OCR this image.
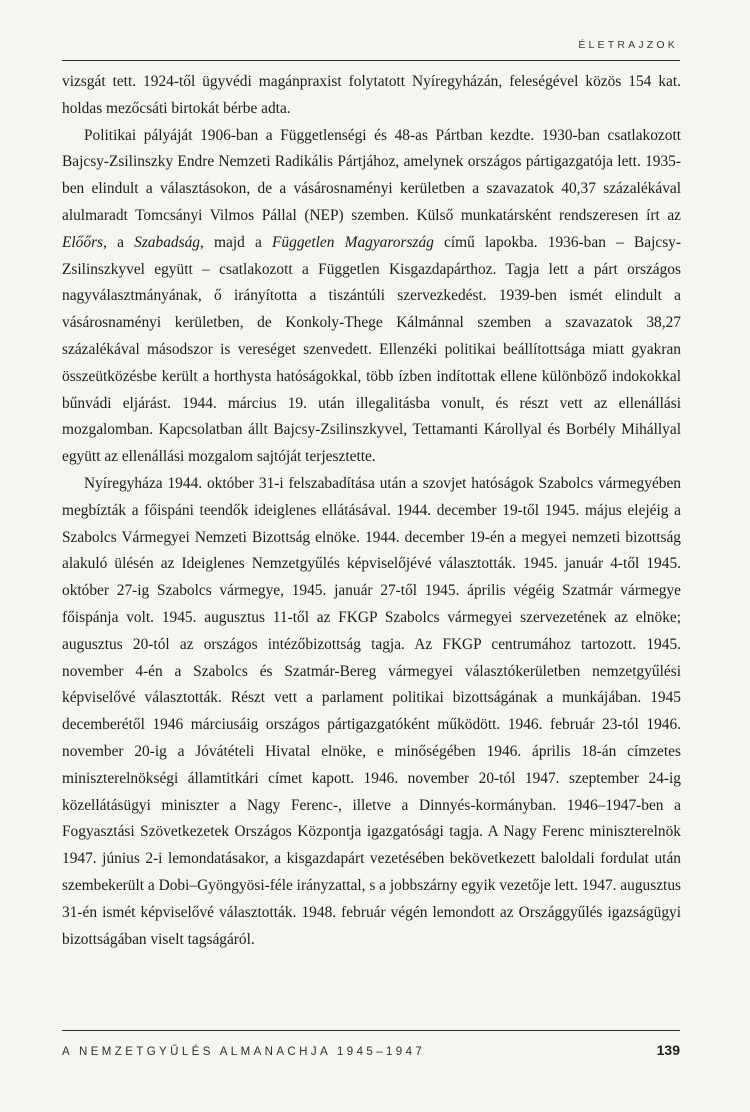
ÉLETRAJZOK

vizsgát tett. 1924-től ügyvédi magánpraxist folytatott Nyíregyházán, feleségével közös 154 kat. holdas mezőcsáti birtokát bérbe adta.

Politikai pályáját 1906-ban a Függetlenségi és 48-as Pártban kezdte. 1930-ban csatlakozott Bajcsy-Zsilinszky Endre Nemzeti Radikális Pártjához, amelynek országos pártigazgatója lett. 1935-ben elindult a választásokon, de a vásárosnaményi kerületben a szavazatok 40,37 százalékával alulmaradt Tomcsányi Vilmos Pállal (NEP) szemben. Külső munkatársként rendszeresen írt az Előőrs, a Szabadság, majd a Független Magyarország című lapokba. 1936-ban – Bajcsy-Zsilinszkyvel együtt – csatlakozott a Független Kisgazdapárthoz. Tagja lett a párt országos nagyválasztmányának, ő irányította a tiszántúli szervezkedést. 1939-ben ismét elindult a vásárosnaményi kerületben, de Konkoly-Thege Kálmánnal szemben a szavazatok 38,27 százalékával másodszor is vereséget szenvedett. Ellenzéki politikai beállítottsága miatt gyakran összeütközésbe került a horthysta hatóságokkal, több ízben indítottak ellene különböző indokokkal bűnvádi eljárást. 1944. március 19. után illegalitásba vonult, és részt vett az ellenállási mozgalomban. Kapcsolatban állt Bajcsy-Zsilinszkyvel, Tettamanti Károllyal és Borbély Mihállyal együtt az ellenállási mozgalom sajtóját terjesztette.

Nyíregyháza 1944. október 31-i felszabadítása után a szovjet hatóságok Szabolcs vármegyében megbízták a főispáni teendők ideiglenes ellátásával. 1944. december 19-től 1945. május elejéig a Szabolcs Vármegyei Nemzeti Bizottság elnöke. 1944. december 19-én a megyei nemzeti bizottság alakuló ülésén az Ideiglenes Nemzetgyűlés képviselőjévé választották. 1945. január 4-től 1945. október 27-ig Szabolcs vármegye, 1945. január 27-től 1945. április végéig Szatmár vármegye főispánja volt. 1945. augusztus 11-től az FKGP Szabolcs vármegyei szervezetének az elnöke; augusztus 20-tól az országos intézőbizottság tagja. Az FKGP centrumához tartozott. 1945. november 4-én a Szabolcs és Szatmár-Bereg vármegyei választókerületben nemzetgyűlési képviselővé választották. Részt vett a parlament politikai bizottságának a munkájában. 1945 decemberétől 1946 márciusáig országos pártigazgatóként működött. 1946. február 23-tól 1946. november 20-ig a Jóvátételi Hivatal elnöke, e minőségében 1946. április 18-án címzetes miniszterelnökségi államtitkári címet kapott. 1946. november 20-tól 1947. szeptember 24-ig közellátásügyi miniszter a Nagy Ferenc-, illetve a Dinnyés-kormányban. 1946–1947-ben a Fogyasztási Szövetkezetek Országos Központja igazgatósági tagja. A Nagy Ferenc miniszterelnök 1947. június 2-i lemondatásakor, a kisgazdapárt vezetésében bekövetkezett baloldali fordulat után szembekerült a Dobi–Gyöngyösi-féle irányzattal, s a jobbszárny egyik vezetője lett. 1947. augusztus 31-én ismét képviselővé választották. 1948. február végén lemondott az Országgyűlés igazságügyi bizottságában viselt tagságáról.

A NEMZETGYŰLÉS ALMANACHJA 1945–1947	139
